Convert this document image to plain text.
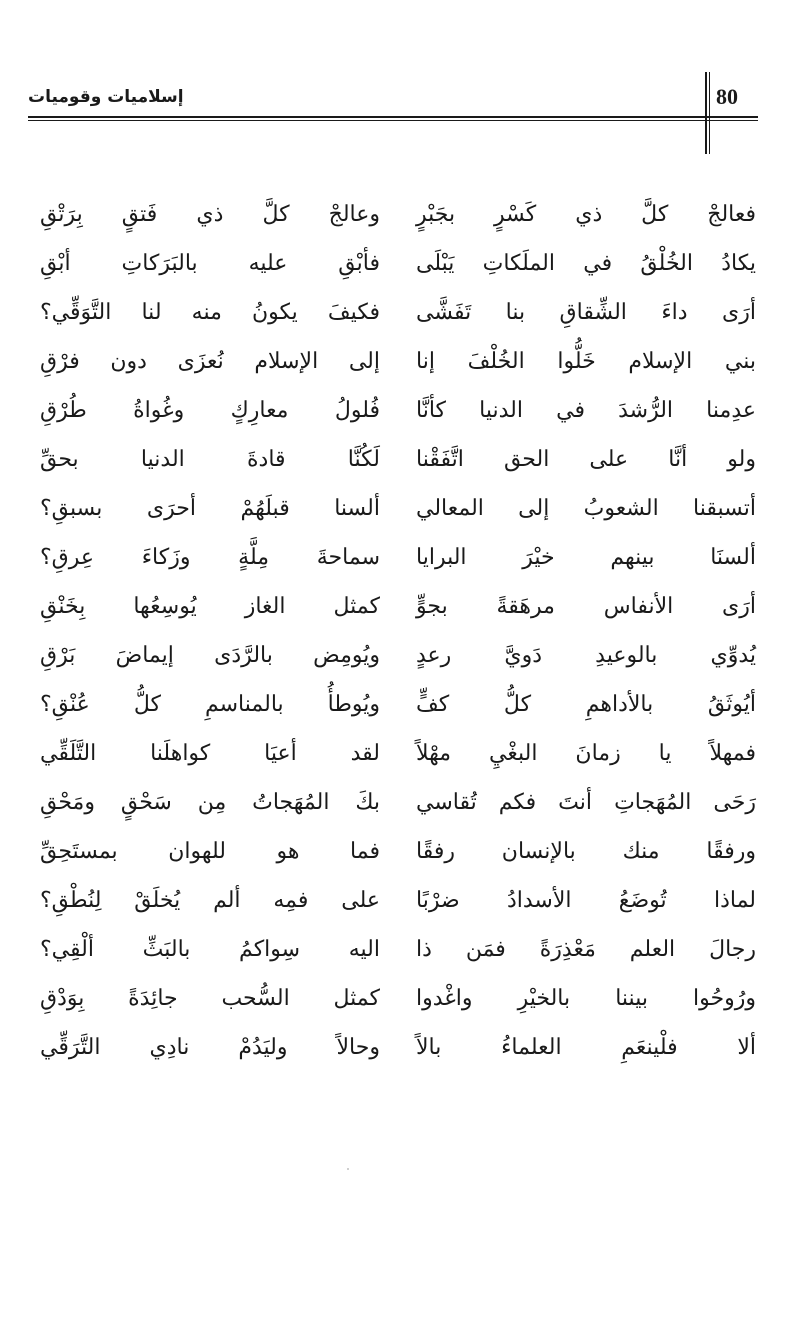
80
إسلاميات وقوميات
فعالجْ كلَّ ذي كَسْرٍ بجَبْرٍ
وعالجْ كلَّ ذي فَتقٍ بِرَتْقِ
يكادُ الخُلْقُ في الملَكاتِ يَبْلَى
فأبْقِ عليه بالبَرَكاتِ أبْقِ
أرَى داءَ الشِّقاقِ بنا تَفَشَّى
فكيفَ يكونُ منه لنا التَّوَقِّي؟
بني الإسلام خَلُّوا الخُلْفَ إنا
إلى الإسلام نُعزَى دون فرْقِ
عدِمنا الرُّشدَ في الدنيا كأنَّا
فُلولُ معارِكٍ وغُواةُ طُرْقِ
ولو أنَّا على الحق اتَّفَقْنا
لَكُنَّا قادةَ الدنيا بحقِّ
أتسبقنا الشعوبُ إلى المعالي
ألسنا قبلَهُمْ أحرَى بسبقِ؟
ألسنَا بينهم خيْرَ البرايا
سماحةَ مِلَّةٍ وزَكاءَ عِرقِ؟
أرَى الأنفاس مرهَقةً بجوٍّ
كمثل الغاز يُوسِعُها بِخَنْقِ
يُدوِّي بالوعيدِ دَويَّ رعدٍ
ويُومِض بالرَّدَى إيماضَ بَرْقِ
أيُوثَقُ بالأداهمِ كلُّ كفٍّ
ويُوطأُ بالمناسمِ كلُّ عُنْقِ؟
فمهلاً يا زمانَ البغْيِ مهْلاً
لقد أعيَا كواهلَنا التَّلَقِّي
رَحَى المُهَجاتِ أنتَ فكم تُقاسي
بكَ المُهَجاتُ مِن سَحْقٍ ومَحْقِ
ورفقًا منك بالإنسان رفقًا
فما هو للهوان بمستَحِقِّ
لماذا تُوضَعُ الأسدادُ ضرْبًا
على فمِه ألم يُخلَقْ لِنُطْقِ؟
رجالَ العلم مَعْذِرَةً فمَن ذا
اليه سِواكمُ بالبَثِّ ألْقِي؟
ورُوحُوا بيننا بالخيْرِ واغْدوا
كمثل السُّحب جائِدَةً بِوَدْقِ
ألا فلْينعَمِ العلماءُ بالاً
وحالاً وليَدُمْ نادِي التَّرَقِّي
